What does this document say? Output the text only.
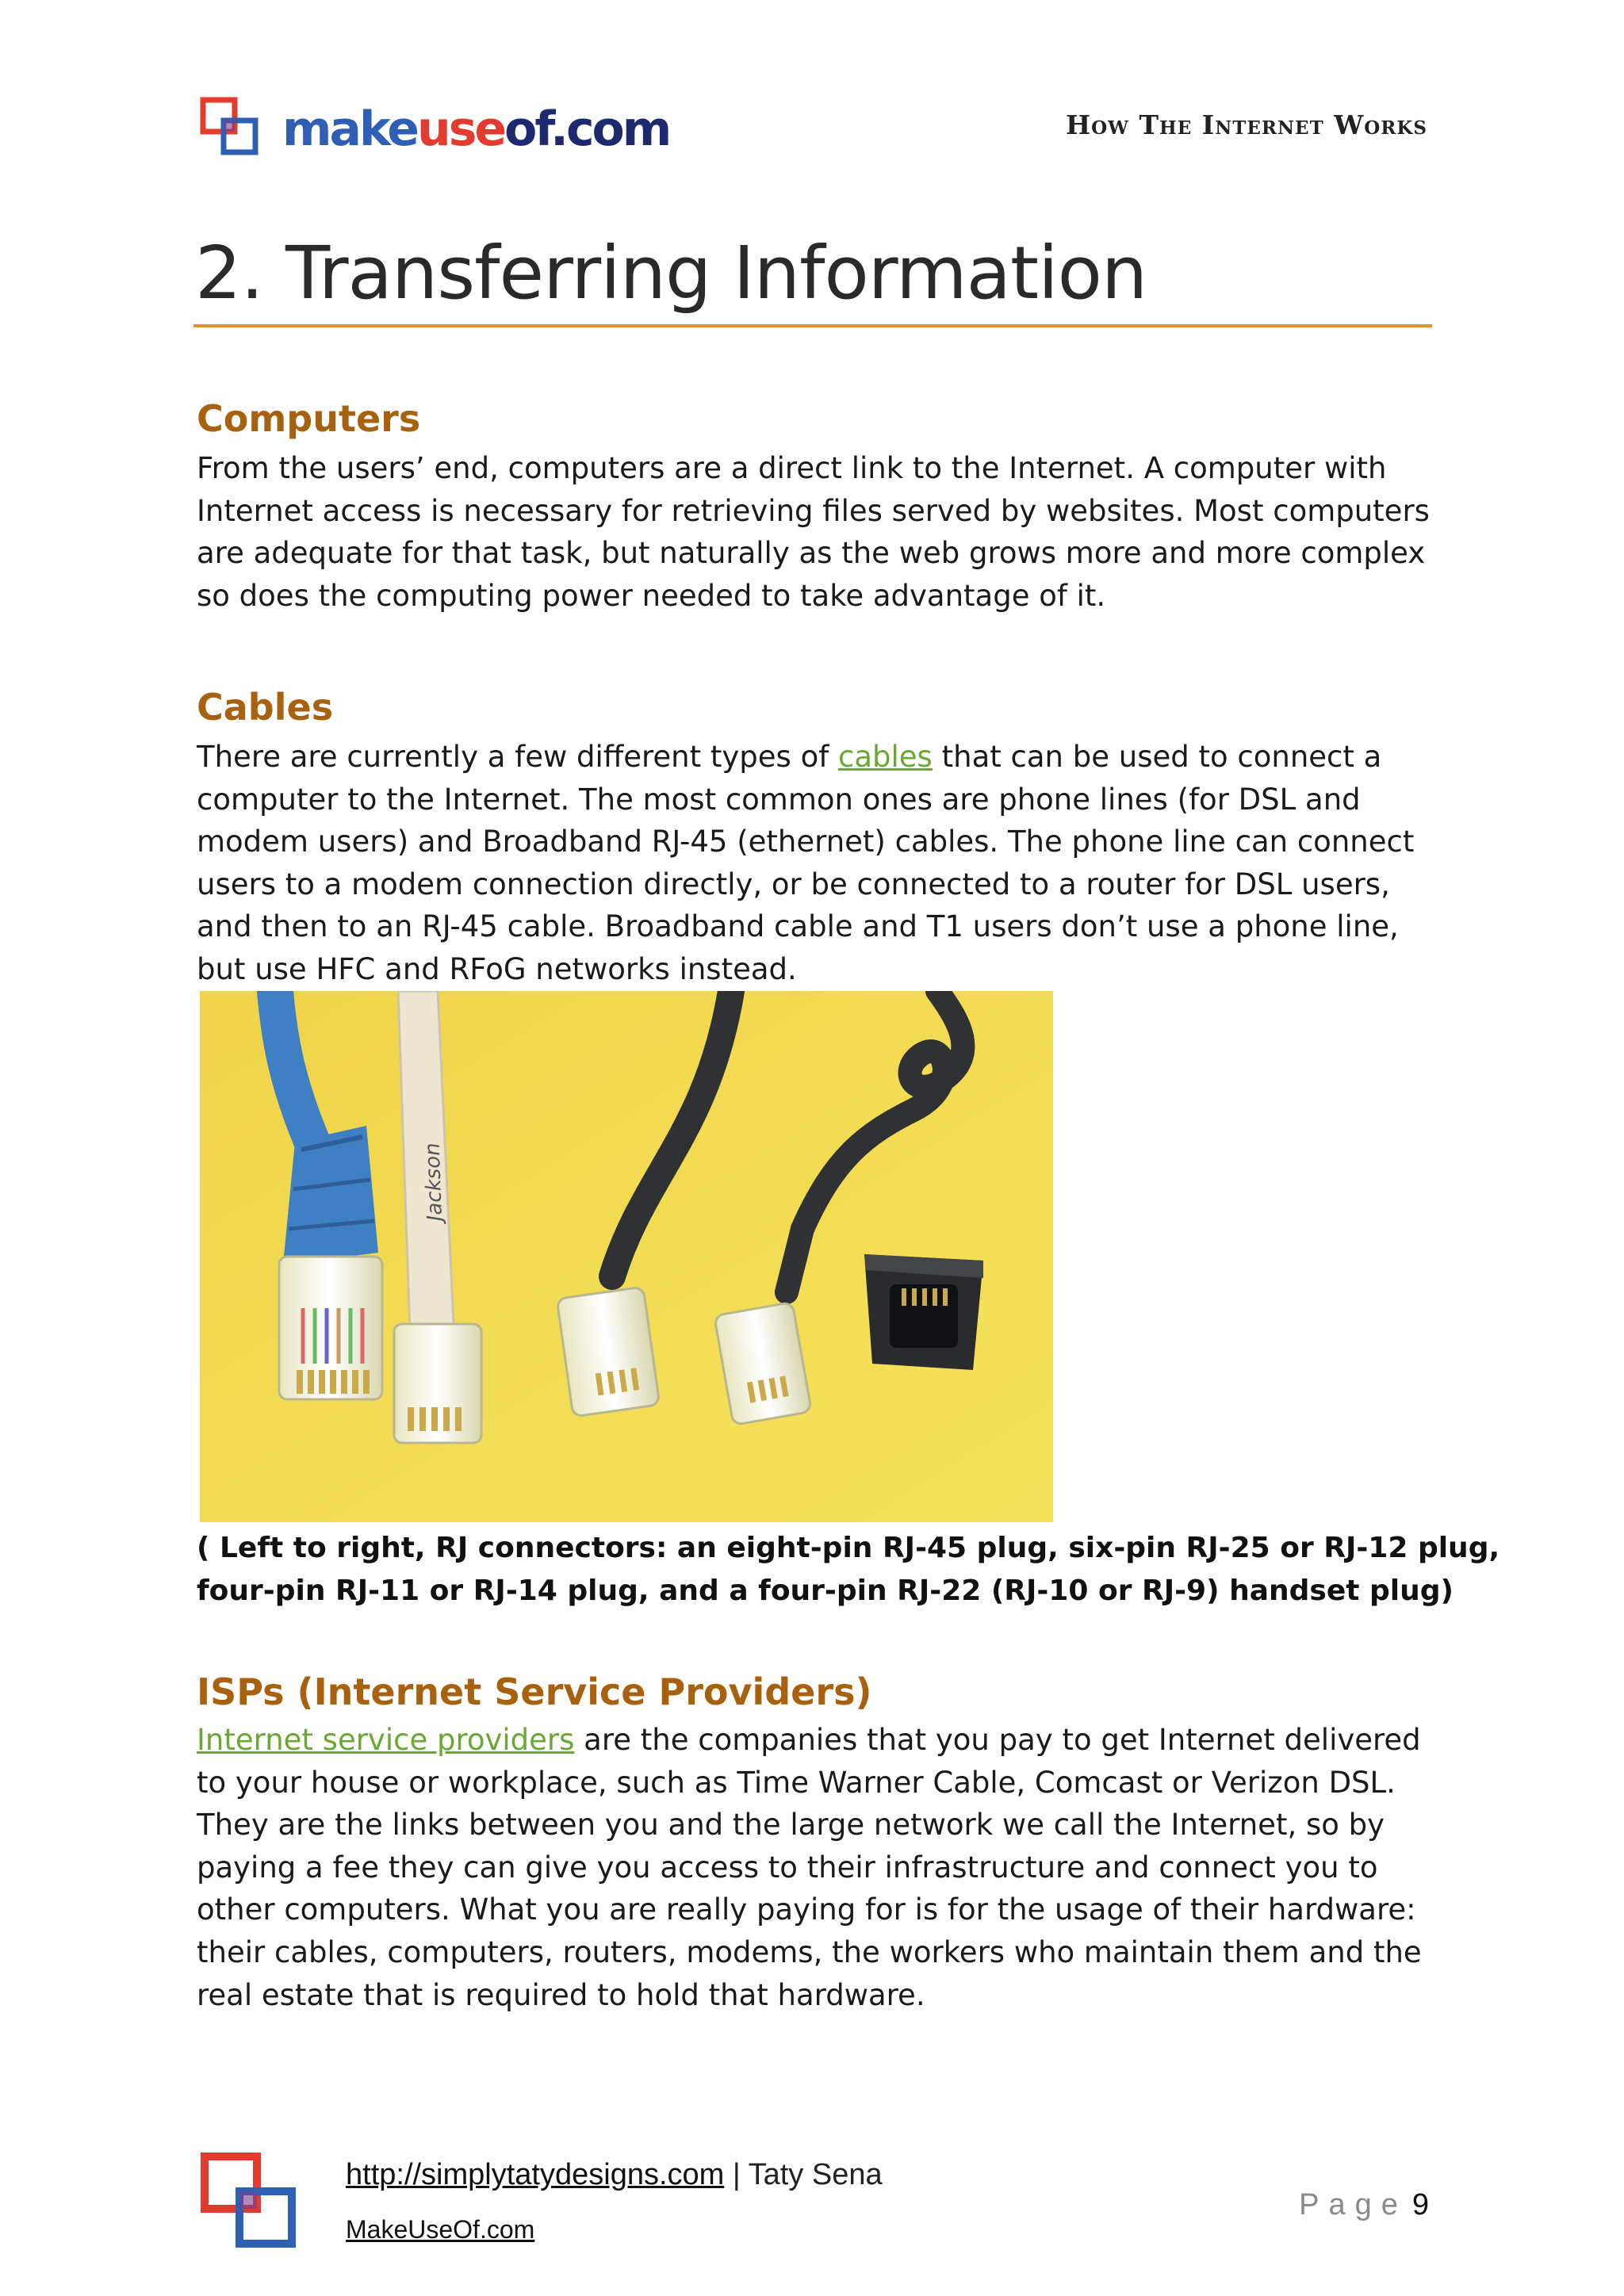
makeuseof.com	How The Internet Works
2. Transferring Information
Computers

From the users’ end, computers are a direct link to the Internet. A computer with
Internet access is necessary for retrieving files served by websites. Most computers
are adequate for that task, but naturally as the web grows more and more complex
so does the computing power needed to take advantage of it.

Cables

There are currently a few different types of cables that can be used to connect a
computer to the Internet. The most common ones are phone lines (for DSL and
modem users) and Broadband RJ-45 (ethernet) cables. The phone line can connect
users to a modem connection directly, or be connected to a router for DSL users,
and then to an RJ-45 cable. Broadband cable and T1 users don’t use a phone line,
but use HFC and RFoG networks instead.

Jackson

( Left to right, RJ connectors: an eight-pin RJ-45 plug, six-pin RJ-25 or RJ-12 plug,
four-pin RJ-11 or RJ-14 plug, and a four-pin RJ-22 (RJ-10 or RJ-9) handset plug)

ISPs (Internet Service Providers)

Internet service providers are the companies that you pay to get Internet delivered
to your house or workplace, such as Time Warner Cable, Comcast or Verizon DSL.
They are the links between you and the large network we call the Internet, so by
paying a fee they can give you access to their infrastructure and connect you to
other computers. What you are really paying for is for the usage of their hardware:
their cables, computers, routers, modems, the workers who maintain them and the
real estate that is required to hold that hardware.

http://simplytatydesigns.com | Taty Sena
MakeUseOf.com
Page 9
